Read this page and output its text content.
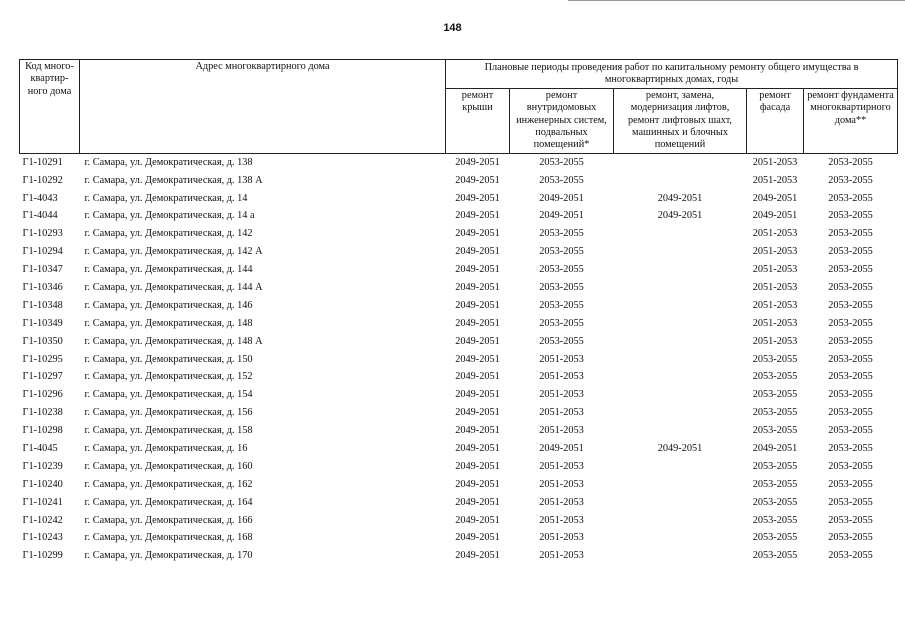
148
Код много-квартир-ного дома	Адрес многоквартирного дома	Плановые периоды проведения работ по капитальному ремонту общего имущества в многоквартирных домах, годы				
		ремонт крыши	ремонт внутридомовых инженерных систем, подвальных помещений*	ремонт, замена, модернизация лифтов, ремонт лифтовых шахт, машинных и блочных помещений	ремонт фасада	ремонт фундамента многоквартирного дома**
Г1-10291	г. Самара, ул. Демократическая, д. 138	2049-2051	2053-2055		2051-2053	2053-2055
Г1-10292	г. Самара, ул. Демократическая, д. 138 А	2049-2051	2053-2055		2051-2053	2053-2055
Г1-4043	г. Самара, ул. Демократическая, д. 14	2049-2051	2049-2051	2049-2051	2049-2051	2053-2055
Г1-4044	г. Самара, ул. Демократическая, д. 14 а	2049-2051	2049-2051	2049-2051	2049-2051	2053-2055
Г1-10293	г. Самара, ул. Демократическая, д. 142	2049-2051	2053-2055		2051-2053	2053-2055
Г1-10294	г. Самара, ул. Демократическая, д. 142 А	2049-2051	2053-2055		2051-2053	2053-2055
Г1-10347	г. Самара, ул. Демократическая, д. 144	2049-2051	2053-2055		2051-2053	2053-2055
Г1-10346	г. Самара, ул. Демократическая, д. 144 А	2049-2051	2053-2055		2051-2053	2053-2055
Г1-10348	г. Самара, ул. Демократическая, д. 146	2049-2051	2053-2055		2051-2053	2053-2055
Г1-10349	г. Самара, ул. Демократическая, д. 148	2049-2051	2053-2055		2051-2053	2053-2055
Г1-10350	г. Самара, ул. Демократическая, д. 148 А	2049-2051	2053-2055		2051-2053	2053-2055
Г1-10295	г. Самара, ул. Демократическая, д. 150	2049-2051	2051-2053		2053-2055	2053-2055
Г1-10297	г. Самара, ул. Демократическая, д. 152	2049-2051	2051-2053		2053-2055	2053-2055
Г1-10296	г. Самара, ул. Демократическая, д. 154	2049-2051	2051-2053		2053-2055	2053-2055
Г1-10238	г. Самара, ул. Демократическая, д. 156	2049-2051	2051-2053		2053-2055	2053-2055
Г1-10298	г. Самара, ул. Демократическая, д. 158	2049-2051	2051-2053		2053-2055	2053-2055
Г1-4045	г. Самара, ул. Демократическая, д. 16	2049-2051	2049-2051	2049-2051	2049-2051	2053-2055
Г1-10239	г. Самара, ул. Демократическая, д. 160	2049-2051	2051-2053		2053-2055	2053-2055
Г1-10240	г. Самара, ул. Демократическая, д. 162	2049-2051	2051-2053		2053-2055	2053-2055
Г1-10241	г. Самара, ул. Демократическая, д. 164	2049-2051	2051-2053		2053-2055	2053-2055
Г1-10242	г. Самара, ул. Демократическая, д. 166	2049-2051	2051-2053		2053-2055	2053-2055
Г1-10243	г. Самара, ул. Демократическая, д. 168	2049-2051	2051-2053		2053-2055	2053-2055
Г1-10299	г. Самара, ул. Демократическая, д. 170	2049-2051	2051-2053		2053-2055	2053-2055
